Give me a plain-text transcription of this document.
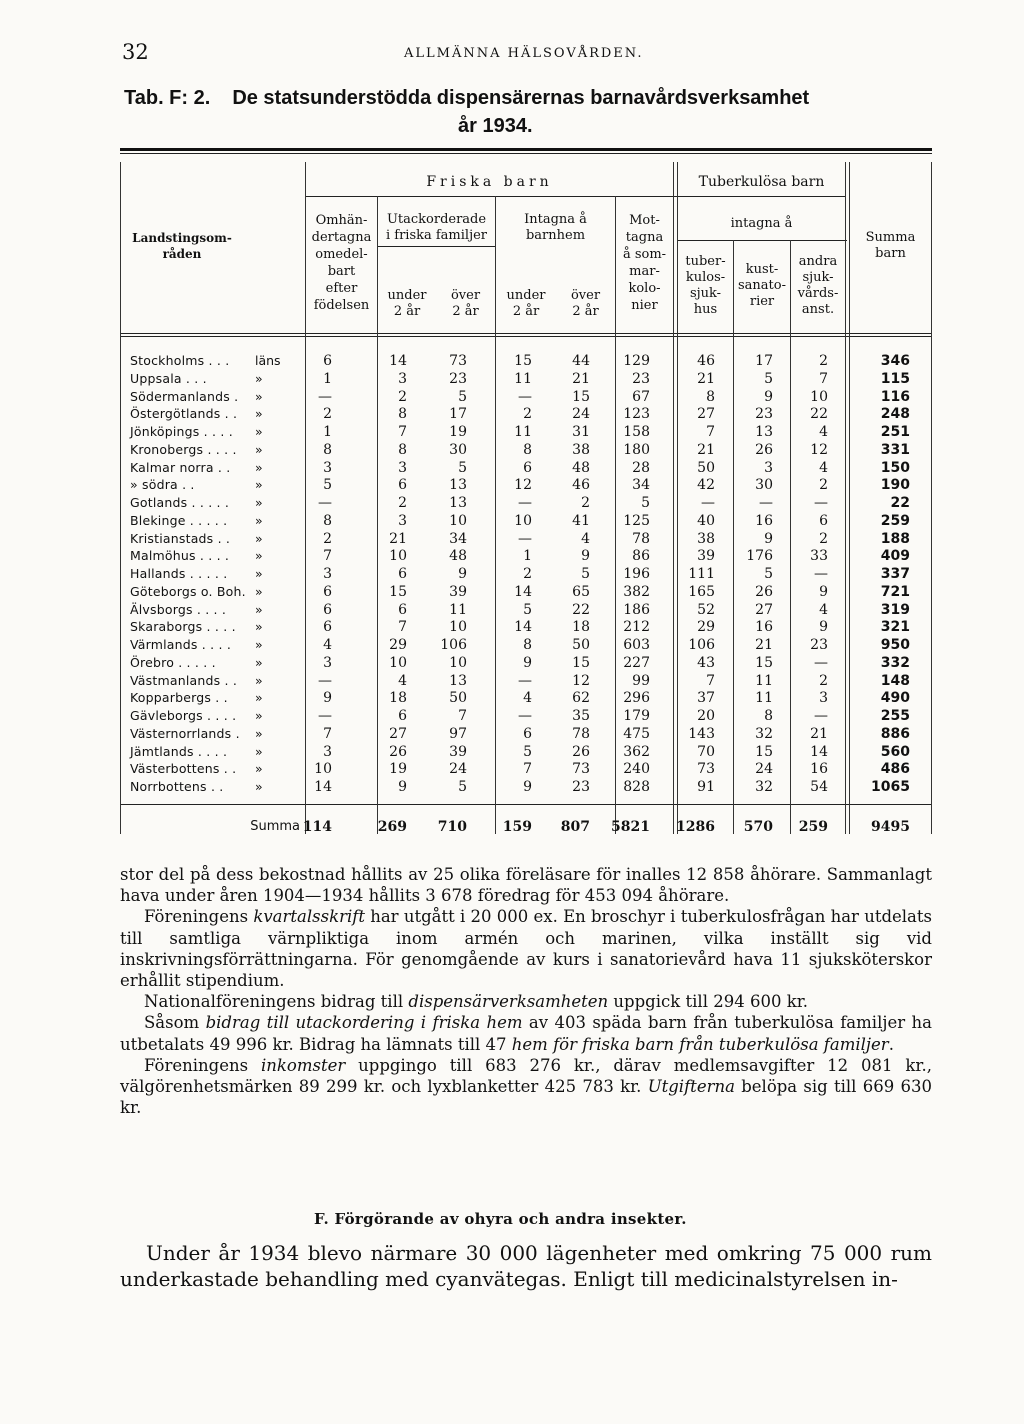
32	ALLMÄNNA HÄLSOVÅRDEN.
Tab. F: 2. De statsunderstödda dispensärernas barnavårdsverksamhet
år 1934.
Friska barn	Tuberkulösa barn
Landstingsom-
råden
Omhän-
dertagna
omedel-
bart
efter
födelsen
Utackorderade
i friska familjer
Intagna å
barnhem
Mot-
tagna
å som-
mar-
kolo-
nier
intagna å
tuber-
kulos-
sjuk-
hus
kust-
sanato-
rier
andra
sjuk-
vårds-
anst.
Summa
barn
under
2 år
över
2 år
under
2 år
över
2 år
Stockholms . . . läns	6	14	73	15	44	129	46	17	2	346
Uppsala . . .	»	1	3	23	11	21	23	21	5	7	115
Södermanlands . »	—	2	5	—	15	67	8	9	10	116
Östergötlands . . »	2	8	17	2	24	123	27	23	22	248
Jönköpings . . . . »	1	7	19	11	31	158	7	13	4	251
Kronobergs . . . . »	8	8	30	8	38	180	21	26	12	331
Kalmar norra . . »	3	3	5	6	48	28	50	3	4	150
» södra . .	»	5	6	13	12	46	34	42	30	2	190
Gotlands . . . . . »	—	2	13	—	2	5	—	—	—	22
Blekinge . . . . . »	8	3	10	10	41	125	40	16	6	259
Kristianstads . . »	2	21	34	—	4	78	38	9	2	188
Malmöhus . . . . »	7	10	48	1	9	86	39	176	33	409
Hallands . . . . . »	3	6	9	2	5	196	111	5	—	337
Göteborgs o. Boh. »	6	15	39	14	65	382	165	26	9	721
Älvsborgs . . . . »	6	6	11	5	22	186	52	27	4	319
Skaraborgs . . . . »	6	7	10	14	18	212	29	16	9	321
Värmlands . . . . »	4	29	106	8	50	603	106	21	23	950
Örebro . . . . .	»	3	10	10	9	15	227	43	15	—	332
Västmanlands . . »	—	4	13	—	12	99	7	11	2	148
Kopparbergs . . »	9	18	50	4	62	296	37	11	3	490
Gävleborgs . . . . »	—	6	7	—	35	179	20	8	—	255
Västernorrlands . »	7	27	97	6	78	475	143	32	21	886
Jämtlands . . . . »	3	26	39	5	26	362	70	15	14	560
Västerbottens . . »	10	19	24	7	73	240	73	24	16	486
Norrbottens . .	»	14	9	5	9	23	828	91	32	54	1065
Summa 114	269	710	159	807	5821	1286	570	259	9495

stor del på dess bekostnad hållits av 25 olika föreläsare för inalles 12 858 åhörare. Sammanlagt hava under åren 1904—1934 hållits 3 678 föredrag för 453 094 åhörare.

Föreningens kvartalsskrift har utgått i 20 000 ex. En broschyr i tuberkulosfrågan har utdelats till samtliga värnpliktiga inom armén och marinen, vilka inställt sig vid inskrivningsförrättningarna. För genomgående av kurs i sanatorievård hava 11 sjuksköterskor erhållit stipendium.

Nationalföreningens bidrag till dispensärverksamheten uppgick till 294 600 kr.

Såsom bidrag till utackordering i friska hem av 403 späda barn från tuberkulösa familjer ha utbetalats 49 996 kr. Bidrag ha lämnats till 47 hem för friska barn från tuberkulösa familjer.

Föreningens inkomster uppgingo till 683 276 kr., därav medlemsavgifter 12 081 kr., välgörenhetsmärken 89 299 kr. och lyxblanketter 425 783 kr. Utgifterna belöpa sig till 669 630 kr.

F. Förgörande av ohyra och andra insekter.

Under år 1934 blevo närmare 30 000 lägenheter med omkring 75 000 rum underkastade behandling med cyanvätegas. Enligt till medicinalstyrelsen in-
